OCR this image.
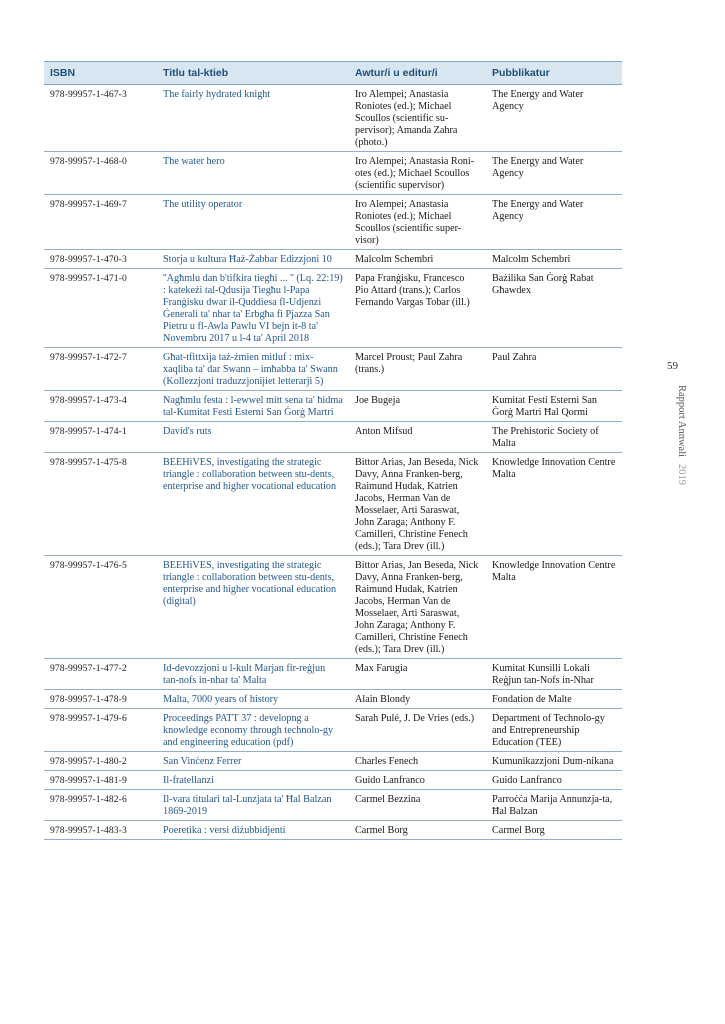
ISBN	Titlu tal-ktieb	Awtur/i u editur/i	Pubblikatur
978-99957-1-467-3	The fairly hydrated knight	Iro Alempei; Anastasia Roniotes (ed.); Michael Scoullos (scientific su-pervisor); Amanda Zahra (photo.)	The Energy and Water Agency
978-99957-1-468-0	The water hero	Iro Alempei; Anastasia Roni-otes (ed.); Michael Scoullos (scientific supervisor)	The Energy and Water Agency
978-99957-1-469-7	The utility operator	Iro Alempei; Anastasia Roniotes (ed.); Michael Scoullos (scientific super-visor)	The Energy and Water Agency
978-99957-1-470-3	Storja u kultura Ħaż-Żabbar Edizzjoni 10	Malcolm Schembri	Malcolm Schembri
978-99957-1-471-0	''Agħmlu dan b'tifkira tiegħi ... '' (Lq. 22:19) : katekeżi tal-Qdusija Tiegħu l-Papa Franġisku dwar il-Quddiesa fl-Udjenzi Ġenerali ta' nhar ta' Erbgħa fi Pjazza San Pietru u fl-Awla Pawlu VI bejn it-8 ta' Novembru 2017 u l-4 ta' April 2018	Papa Franġisku, Francesco Pio Attard (trans.); Carlos Fernando Vargas Tobar (ill.)	Bażilika San Ġorġ Rabat Għawdex
978-99957-1-472-7	Għat-tfittxija taż-żmien mitluf : mix-xaqliba ta' dar Swann – imħabba ta' Swann (Kollezzjoni traduzzjonijiet letterarji 5)	Marcel Proust; Paul Zahra (trans.)	Paul Zahra
978-99957-1-473-4	Nagħmlu festa : l-ewwel mitt sena ta' ħidma tal-Kumitat Festi Esterni San Ġorġ Martri	Joe Bugeja	Kumitat Festi Esterni San Ġorġ Martri Ħal Qormi
978-99957-1-474-1	David's ruts	Anton Mifsud	The Prehistoric Society of Malta
978-99957-1-475-8	BEEHiVES, investigating the strategic triangle : collaboration between stu-dents, enterprise and higher vocational education	Bittor Arias, Jan Beseda, Nick Davy, Anna Franken-berg, Raimund Hudak, Katrien Jacobs, Herman Van de Mosselaer, Arti Saraswat, John Zaraga; Anthony F. Camilleri, Christine Fenech (eds.); Tara Drev (ill.)	Knowledge Innovation Centre Malta
978-99957-1-476-5	BEEHiVES, investigating the strategic triangle : collaboration between stu-dents, enterprise and higher vocational education (digital)	Bittor Arias, Jan Beseda, Nick Davy, Anna Franken-berg, Raimund Hudak, Katrien Jacobs, Herman Van de Mosselaer, Arti Saraswat, John Zaraga; Anthony F. Camilleri, Christine Fenech (eds.); Tara Drev (ill.)	Knowledge Innovation Centre Malta
978-99957-1-477-2	Id-devozzjoni u l-kult Marjan fir-reġjun tan-nofs in-nhar ta' Malta	Max Farugia	Kumitat Kunsilli Lokali Reġjun tan-Nofs in-Nhar
978-99957-1-478-9	Malta, 7000 years of history	Alain Blondy	Fondation de Malte
978-99957-1-479-6	Proceedings PATT 37 : developng a knowledge economy through technolo-gy and engineering education (pdf)	Sarah Pulé, J. De Vries (eds.)	Department of Technolo-gy and Entrepreneurship Education (TEE)
978-99957-1-480-2	San Vinċenz Ferrer	Charles Fenech	Kumunikazzjoni Dum-nikana
978-99957-1-481-9	Il-fratellanzi	Guido Lanfranco	Guido Lanfranco
978-99957-1-482-6	Il-vara titulari tal-Lunzjata ta' Ħal Balzan 1869-2019	Carmel Bezzina	Parroċċa Marija Annunzja-ta, Ħal Balzan
978-99957-1-483-3	Poeretika : versi diżubbidjenti	Carmel Borg	Carmel Borg
59
Rapport Annwali 2019
